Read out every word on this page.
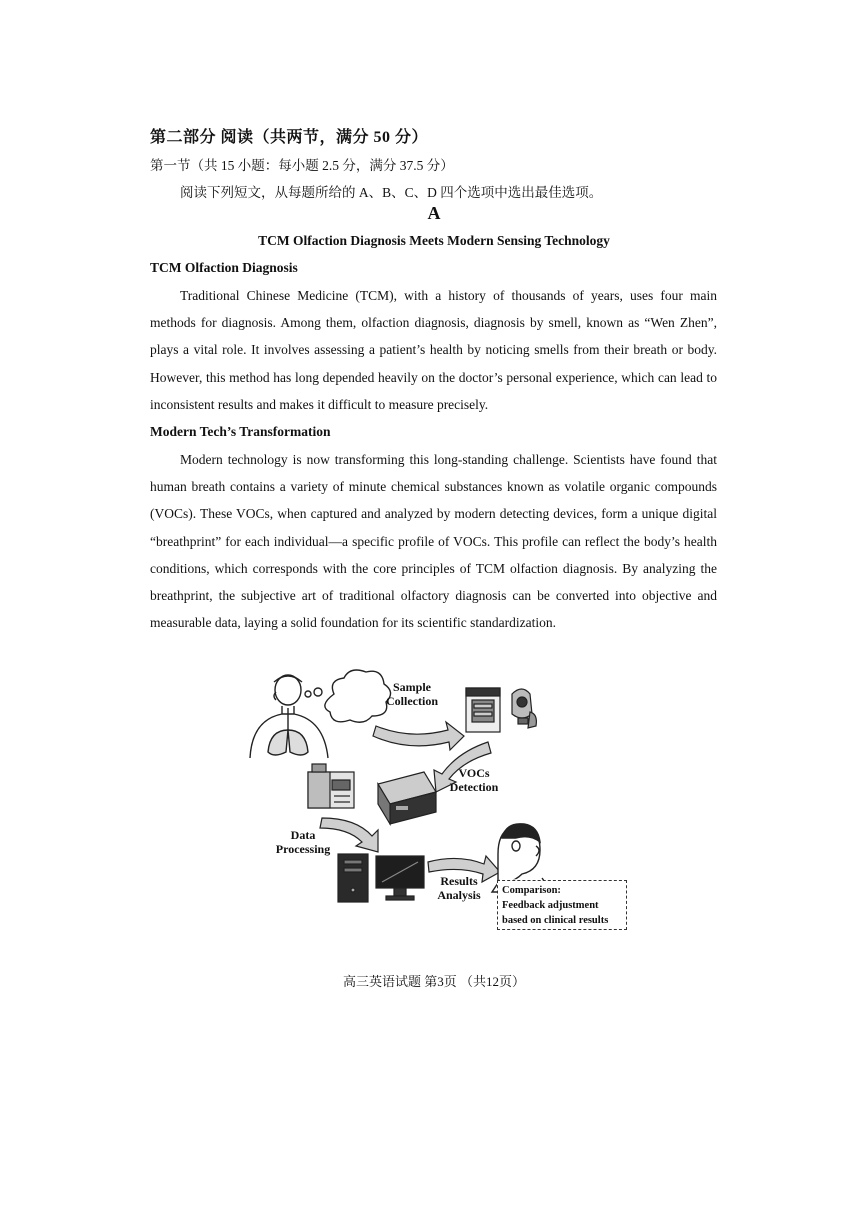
第二部分 阅读（共两节，满分 50 分）
第一节（共 15 小题：每小题 2.5 分，满分 37.5 分）
阅读下列短文，从每题所给的 A、B、C、D 四个选项中选出最佳选项。
A
TCM Olfaction Diagnosis Meets Modern Sensing Technology
TCM Olfaction Diagnosis

Traditional Chinese Medicine (TCM), with a history of thousands of years, uses four main methods for diagnosis. Among them, olfaction diagnosis, diagnosis by smell, known as “Wen Zhen”, plays a vital role. It involves assessing a patient’s health by noticing smells from their breath or body. However, this method has long depended heavily on the doctor’s personal experience, which can lead to inconsistent results and makes it difficult to measure precisely.

Modern Tech’s Transformation

Modern technology is now transforming this long-standing challenge. Scientists have found that human breath contains a variety of minute chemical substances known as volatile organic compounds (VOCs). These VOCs, when captured and analyzed by modern detecting devices, form a unique digital “breathprint” for each individual—a specific profile of VOCs. This profile can reflect the body’s health conditions, which corresponds with the core principles of TCM olfaction diagnosis. By analyzing the breathprint, the subjective art of traditional olfactory diagnosis can be converted into objective and measurable data, laying a solid foundation for its scientific standardization.

Sample
Collection
VOCs
Detection
Data
Processing
Results
Analysis	Comparison:
Feedback adjustment
based on clinical results
高三英语试题 第3页 （共12页）
